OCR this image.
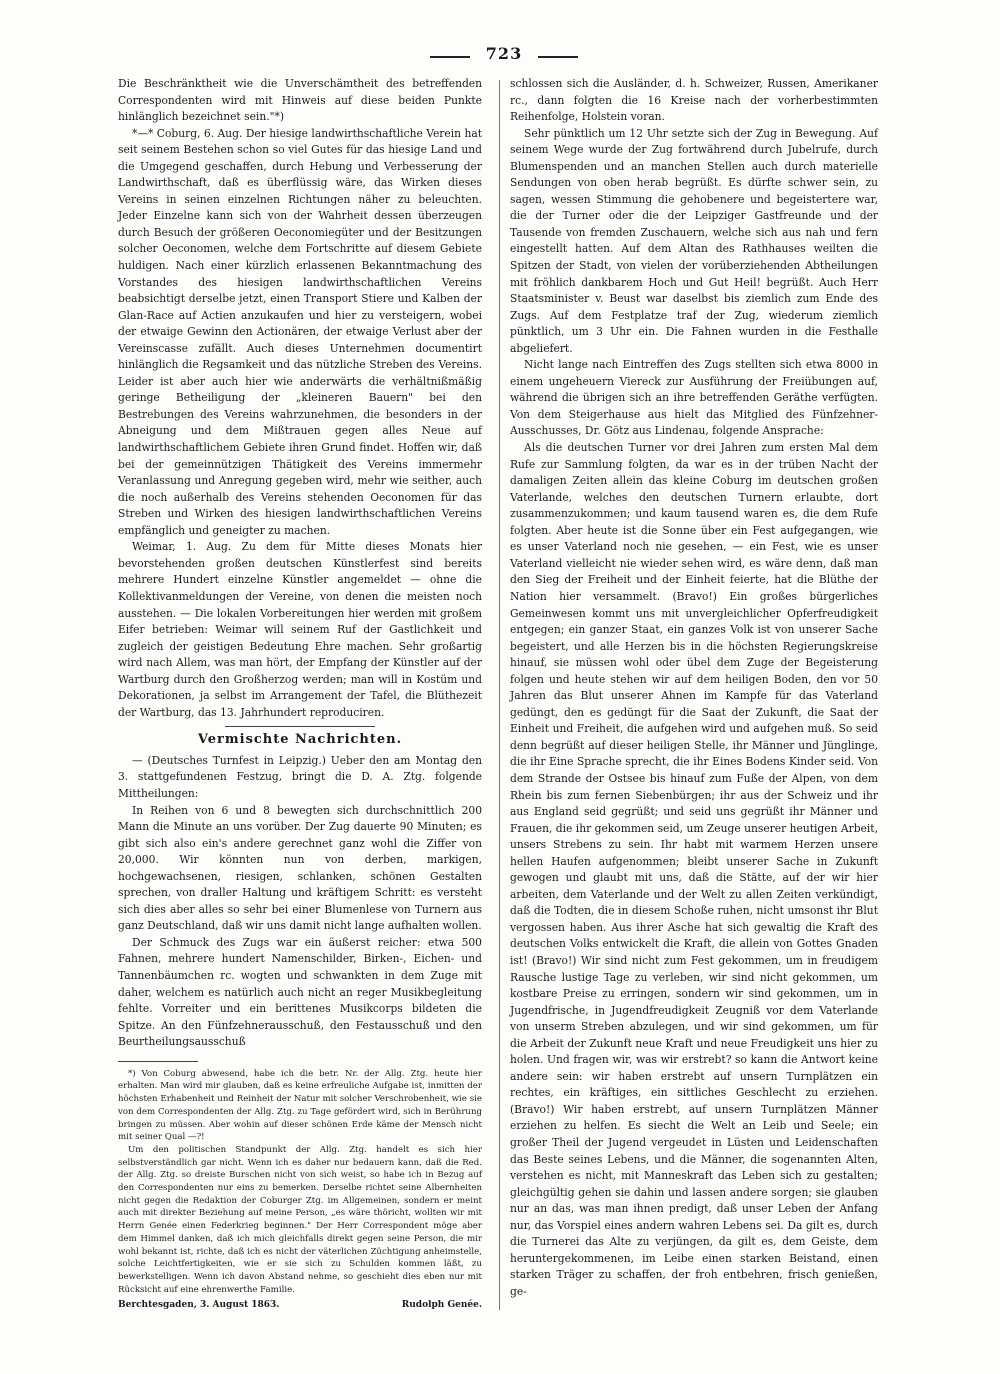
723

Die Beschränktheit wie die Unverschämtheit des betreffenden Correspondenten wird mit Hinweis auf diese beiden Punkte hinlänglich bezeichnet sein."*)

*—* Coburg, 6. Aug. Der hiesige landwirthschaftliche Verein hat seit seinem Bestehen schon so viel Gutes für das hiesige Land und die Umgegend geschaffen, durch Hebung und Verbesserung der Landwirthschaft, daß es überflüssig wäre, das Wirken dieses Vereins in seinen einzelnen Richtungen näher zu beleuchten. Jeder Einzelne kann sich von der Wahrheit dessen überzeugen durch Besuch der größeren Oeconomiegüter und der Besitzungen solcher Oeconomen, welche dem Fortschritte auf diesem Gebiete huldigen. Nach einer kürzlich erlassenen Bekanntmachung des Vorstandes des hiesigen landwirthschaftlichen Vereins beabsichtigt derselbe jetzt, einen Transport Stiere und Kalben der Glan-Race auf Actien anzukaufen und hier zu versteigern, wobei der etwaige Gewinn den Actionären, der etwaige Verlust aber der Vereinscasse zufällt. Auch dieses Unternehmen documentirt hinlänglich die Regsamkeit und das nützliche Streben des Vereins. Leider ist aber auch hier wie anderwärts die verhältnißmäßig geringe Betheiligung der „kleineren Bauern" bei den Bestrebungen des Vereins wahrzunehmen, die besonders in der Abneigung und dem Mißtrauen gegen alles Neue auf landwirthschaftlichem Gebiete ihren Grund findet. Hoffen wir, daß bei der gemeinnützigen Thätigkeit des Vereins immermehr Veranlassung und Anregung gegeben wird, mehr wie seither, auch die noch außerhalb des Vereins stehenden Oeconomen für das Streben und Wirken des hiesigen landwirthschaftlichen Vereins empfänglich und geneigter zu machen.

Weimar, 1. Aug. Zu dem für Mitte dieses Monats hier bevorstehenden großen deutschen Künstlerfest sind bereits mehrere Hundert einzelne Künstler angemeldet — ohne die Kollektivanmeldungen der Vereine, von denen die meisten noch ausstehen. — Die lokalen Vorbereitungen hier werden mit großem Eifer betrieben: Weimar will seinem Ruf der Gastlichkeit und zugleich der geistigen Bedeutung Ehre machen. Sehr großartig wird nach Allem, was man hört, der Empfang der Künstler auf der Wartburg durch den Großherzog werden; man will in Kostüm und Dekorationen, ja selbst im Arrangement der Tafel, die Blüthezeit der Wartburg, das 13. Jahrhundert reproduciren.

Vermischte Nachrichten.

— (Deutsches Turnfest in Leipzig.) Ueber den am Montag den 3. stattgefundenen Festzug, bringt die D. A. Ztg. folgende Mittheilungen:

In Reihen von 6 und 8 bewegten sich durchschnittlich 200 Mann die Minute an uns vorüber. Der Zug dauerte 90 Minuten; es gibt sich also ein's andere gerechnet ganz wohl die Ziffer von 20,000. Wir könnten nun von derben, markigen, hochgewachsenen, riesigen, schlanken, schönen Gestalten sprechen, von draller Haltung und kräftigem Schritt: es versteht sich dies aber alles so sehr bei einer Blumenlese von Turnern aus ganz Deutschland, daß wir uns damit nicht lange aufhalten wollen.

Der Schmuck des Zugs war ein äußerst reicher: etwa 500 Fahnen, mehrere hundert Namenschilder, Birken-, Eichen- und Tannenbäumchen rc. wogten und schwankten in dem Zuge mit daher, welchem es natürlich auch nicht an reger Musikbegleitung fehlte. Vorreiter und ein berittenes Musikcorps bildeten die Spitze. An den Fünfzehnerausschuß, den Festausschuß und den Beurtheilungsausschuß

*) Von Coburg abwesend, habe ich die betr. Nr. der Allg. Ztg. heute hier erhalten. Man wird mir glauben, daß es keine erfreuliche Aufgabe ist, inmitten der höchsten Erhabenheit und Reinheit der Natur mit solcher Verschrobenheit, wie sie von dem Correspondenten der Allg. Ztg. zu Tage gefördert wird, sich in Berührung bringen zu müssen. Aber wohin auf dieser schönen Erde käme der Mensch nicht mit seiner Qual —?!

Um den politischen Standpunkt der Allg. Ztg. handelt es sich hier selbstverständlich gar nicht. Wenn ich es daher nur bedauern kann, daß die Red. der Allg. Ztg. so dreiste Burschen nicht von sich weist, so habe ich in Bezug auf den Correspondenten nur eins zu bemerken. Derselbe richtet seine Albernheiten nicht gegen die Redaktion der Coburger Ztg. im Allgemeinen, sondern er meint auch mit direkter Beziehung auf meine Person, „es wäre thöricht, wollten wir mit Herrn Genée einen Federkrieg beginnen." Der Herr Correspondent möge aber dem Himmel danken, daß ich mich gleichfalls direkt gegen seine Person, die mir wohl bekannt ist, richte, daß ich es nicht der väterlichen Züchtigung anheimstelle, solche Leichtfertigkeiten, wie er sie sich zu Schulden kommen läßt, zu bewerkstelligen. Wenn ich davon Abstand nehme, so geschieht dies eben nur mit Rücksicht auf eine ehrenwerthe Familie.

Berchtesgaden, 3. August 1863.	Rudolph Genée.

schlossen sich die Ausländer, d. h. Schweizer, Russen, Amerikaner rc., dann folgten die 16 Kreise nach der vorherbestimmten Reihenfolge, Holstein voran.

Sehr pünktlich um 12 Uhr setzte sich der Zug in Bewegung. Auf seinem Wege wurde der Zug fortwährend durch Jubelrufe, durch Blumenspenden und an manchen Stellen auch durch materielle Sendungen von oben herab begrüßt. Es dürfte schwer sein, zu sagen, wessen Stimmung die gehobenere und begeistertere war, die der Turner oder die der Leipziger Gastfreunde und der Tausende von fremden Zuschauern, welche sich aus nah und fern eingestellt hatten. Auf dem Altan des Rathhauses weilten die Spitzen der Stadt, von vielen der vorüberziehenden Abtheilungen mit fröhlich dankbarem Hoch und Gut Heil! begrüßt. Auch Herr Staatsminister v. Beust war daselbst bis ziemlich zum Ende des Zugs. Auf dem Festplatze traf der Zug, wiederum ziemlich pünktlich, um 3 Uhr ein. Die Fahnen wurden in die Festhalle abgeliefert.

Nicht lange nach Eintreffen des Zugs stellten sich etwa 8000 in einem ungeheuern Viereck zur Ausführung der Freiübungen auf, während die übrigen sich an ihre betreffenden Geräthe verfügten. Von dem Steigerhause aus hielt das Mitglied des Fünfzehner-Ausschusses, Dr. Götz aus Lindenau, folgende Ansprache:

Als die deutschen Turner vor drei Jahren zum ersten Mal dem Rufe zur Sammlung folgten, da war es in der trüben Nacht der damaligen Zeiten allein das kleine Coburg im deutschen großen Vaterlande, welches den deutschen Turnern erlaubte, dort zusammenzukommen; und kaum tausend waren es, die dem Rufe folgten. Aber heute ist die Sonne über ein Fest aufgegangen, wie es unser Vaterland noch nie gesehen, — ein Fest, wie es unser Vaterland vielleicht nie wieder sehen wird, es wäre denn, daß man den Sieg der Freiheit und der Einheit feierte, hat die Blüthe der Nation hier versammelt. (Bravo!) Ein großes bürgerliches Gemeinwesen kommt uns mit unvergleichlicher Opferfreudigkeit entgegen; ein ganzer Staat, ein ganzes Volk ist von unserer Sache begeistert, und alle Herzen bis in die höchsten Regierungskreise hinauf, sie müssen wohl oder übel dem Zuge der Begeisterung folgen und heute stehen wir auf dem heiligen Boden, den vor 50 Jahren das Blut unserer Ahnen im Kampfe für das Vaterland gedüngt, den es gedüngt für die Saat der Zukunft, die Saat der Einheit und Freiheit, die aufgehen wird und aufgehen muß. So seid denn begrüßt auf dieser heiligen Stelle, ihr Männer und Jünglinge, die ihr Eine Sprache sprecht, die ihr Eines Bodens Kinder seid. Von dem Strande der Ostsee bis hinauf zum Fuße der Alpen, von dem Rhein bis zum fernen Siebenbürgen; ihr aus der Schweiz und ihr aus England seid gegrüßt; und seid uns gegrüßt ihr Männer und Frauen, die ihr gekommen seid, um Zeuge unserer heutigen Arbeit, unsers Strebens zu sein. Ihr habt mit warmem Herzen unsere hellen Haufen aufgenommen; bleibt unserer Sache in Zukunft gewogen und glaubt mit uns, daß die Stätte, auf der wir hier arbeiten, dem Vaterlande und der Welt zu allen Zeiten verkündigt, daß die Todten, die in diesem Schoße ruhen, nicht umsonst ihr Blut vergossen haben. Aus ihrer Asche hat sich gewaltig die Kraft des deutschen Volks entwickelt die Kraft, die allein von Gottes Gnaden ist! (Bravo!) Wir sind nicht zum Fest gekommen, um in freudigem Rausche lustige Tage zu verleben, wir sind nicht gekommen, um kostbare Preise zu erringen, sondern wir sind gekommen, um in Jugendfrische, in Jugendfreudigkeit Zeugniß vor dem Vaterlande von unserm Streben abzulegen, und wir sind gekommen, um für die Arbeit der Zukunft neue Kraft und neue Freudigkeit uns hier zu holen. Und fragen wir, was wir erstrebt? so kann die Antwort keine andere sein: wir haben erstrebt auf unsern Turnplätzen ein rechtes, ein kräftiges, ein sittliches Geschlecht zu erziehen. (Bravo!) Wir haben erstrebt, auf unsern Turnplätzen Männer erziehen zu helfen. Es siecht die Welt an Leib und Seele; ein großer Theil der Jugend vergeudet in Lüsten und Leidenschaften das Beste seines Lebens, und die Männer, die sogenannten Alten, verstehen es nicht, mit Manneskraft das Leben sich zu gestalten; gleichgültig gehen sie dahin und lassen andere sorgen; sie glauben nur an das, was man ihnen predigt, daß unser Leben der Anfang nur, das Vorspiel eines andern wahren Lebens sei. Da gilt es, durch die Turnerei das Alte zu verjüngen, da gilt es, dem Geiste, dem heruntergekommenen, im Leibe einen starken Beistand, einen starken Träger zu schaffen, der froh entbehren, frisch genießen, ge-
